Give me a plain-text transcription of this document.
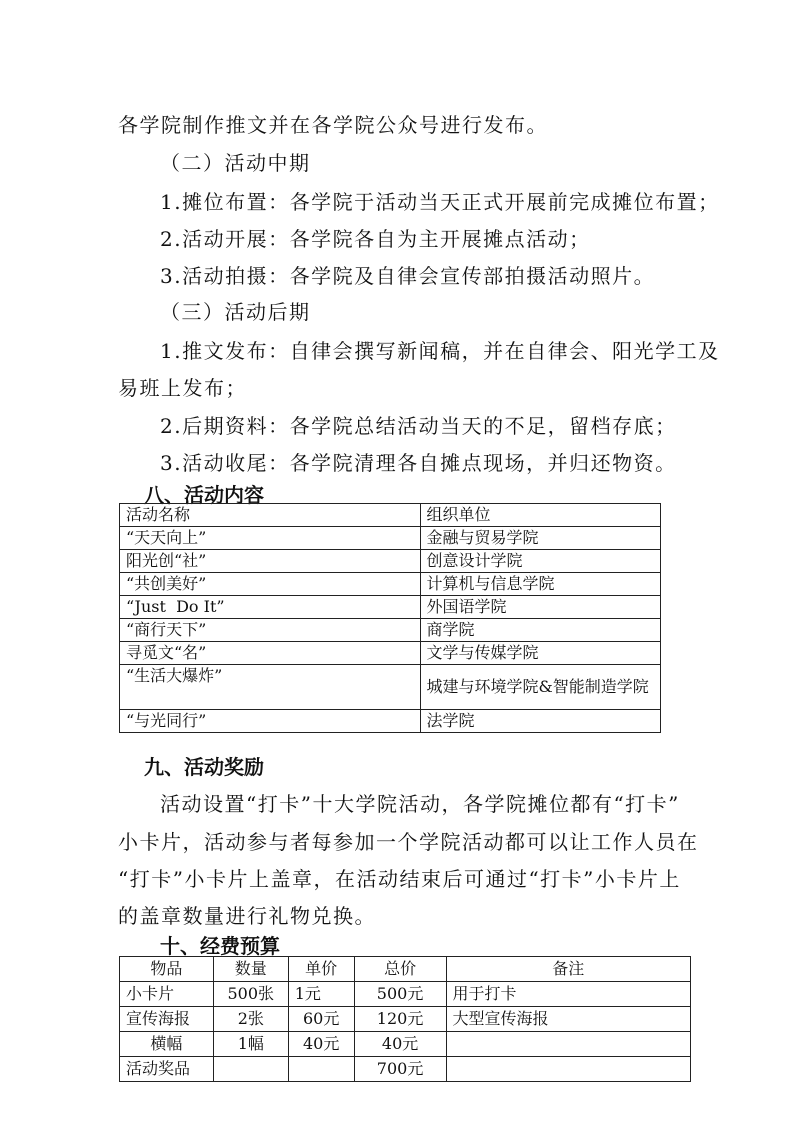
各学院制作推文并在各学院公众号进行发布。
（二）活动中期
1.摊位布置：各学院于活动当天正式开展前完成摊位布置；
2.活动开展：各学院各自为主开展摊点活动；
3.活动拍摄：各学院及自律会宣传部拍摄活动照片。
（三）活动后期
1.推文发布：自律会撰写新闻稿，并在自律会、阳光学工及
易班上发布；
2.后期资料：各学院总结活动当天的不足，留档存底；
3.活动收尾：各学院清理各自摊点现场，并归还物资。
八、活动内容
活动名称	组织单位
“天天向上”	金融与贸易学院
阳光创“社”	创意设计学院
“共创美好”	计算机与信息学院
“Just  Do It”	外国语学院
“商行天下”	商学院
寻觅文“名”	文学与传媒学院
“生活大爆炸”	城建与环境学院&智能制造学院
“与光同行”	法学院
九、活动奖励
活动设置“打卡”十大学院活动，各学院摊位都有“打卡”
小卡片，活动参与者每参加一个学院活动都可以让工作人员在
“打卡”小卡片上盖章，在活动结束后可通过“打卡”小卡片上
的盖章数量进行礼物兑换。
十、经费预算
物品	数量	单价	总价	备注
小卡片	500张	1元	500元	用于打卡
宣传海报	2张	60元	120元	大型宣传海报
横幅	1幅	40元	40元	
活动奖品			700元	
